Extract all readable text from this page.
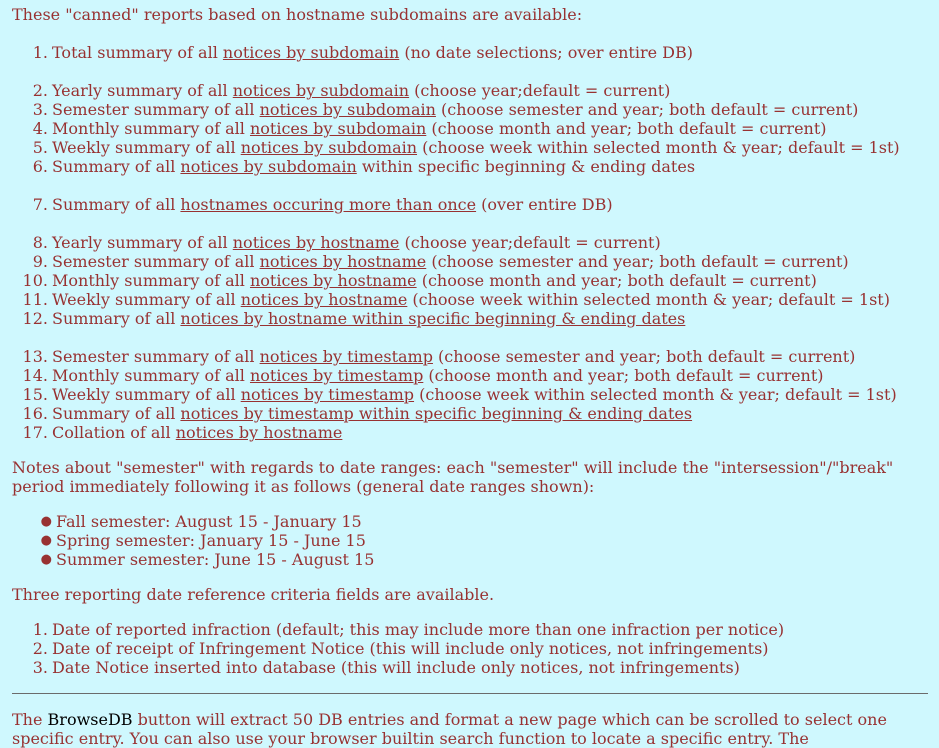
These "canned" reports based on hostname subdomains are available:

1. Total summary of all notices by subdomain (no date selections; over entire DB)
2. Yearly summary of all notices by subdomain (choose year;default = current)
3. Semester summary of all notices by subdomain (choose semester and year; both default = current)
4. Monthly summary of all notices by subdomain (choose month and year; both default = current)
5. Weekly summary of all notices by subdomain (choose week within selected month & year; default = 1st)
6. Summary of all notices by subdomain within specific beginning & ending dates
7. Summary of all hostnames occuring more than once (over entire DB)
8. Yearly summary of all notices by hostname (choose year;default = current)
9. Semester summary of all notices by hostname (choose semester and year; both default = current)
10. Monthly summary of all notices by hostname (choose month and year; both default = current)
11. Weekly summary of all notices by hostname (choose week within selected month & year; default = 1st)
12. Summary of all notices by hostname within specific beginning & ending dates
13. Semester summary of all notices by timestamp (choose semester and year; both default = current)
14. Monthly summary of all notices by timestamp (choose month and year; both default = current)
15. Weekly summary of all notices by timestamp (choose week within selected month & year; default = 1st)
16. Summary of all notices by timestamp within specific beginning & ending dates
17. Collation of all notices by hostname

Notes about "semester" with regards to date ranges: each "semester" will include the "intersession"/"break" period immediately following it as follows (general date ranges shown):

● Fall semester: August 15 - January 15
● Spring semester: January 15 - June 15
● Summer semester: June 15 - August 15

Three reporting date reference criteria fields are available.

1. Date of reported infraction (default; this may include more than one infraction per notice)
2. Date of receipt of Infringement Notice (this will include only notices, not infringements)
3. Date Notice inserted into database (this will include only notices, not infringements)

The BrowseDB button will extract 50 DB entries and format a new page which can be scrolled to select one specific entry. You can also use your browser builtin search function to locate a specific entry. The
